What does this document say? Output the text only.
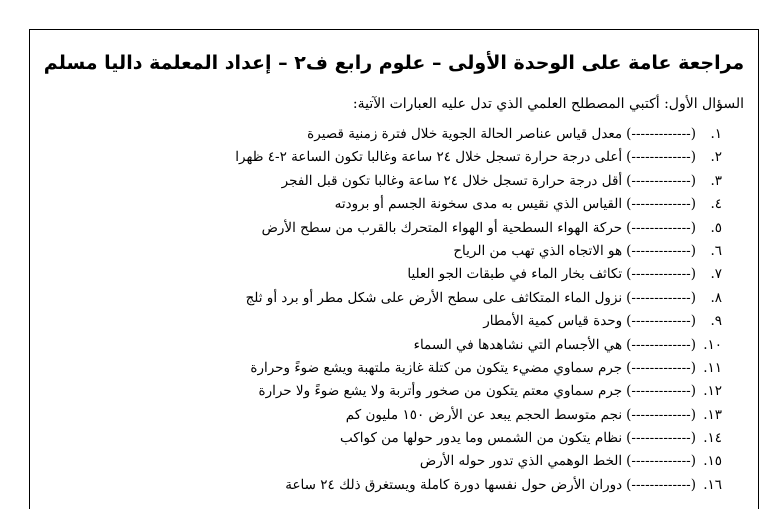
مراجعة عامة على الوحدة الأولى – علوم رابع ف٢ – إعداد المعلمة داليا مسلم
السؤال الأول: أكتبي المصطلح العلمي الذي تدل عليه العبارات الآتية:
١.
(-------------)
معدل قياس عناصر الحالة الجوية خلال فترة زمنية قصيرة
٢.
(-------------)
أعلى درجة حرارة تسجل خلال ٢٤ ساعة وغالبا تكون الساعة ٢-٤ ظهرا
٣.
(-------------)
أقل درجة حرارة تسجل خلال ٢٤ ساعة وغالبا تكون قبل الفجر
٤.
(-------------)
القياس الذي نقيس به مدى سخونة الجسم أو برودته
٥.
(-------------)
حركة الهواء السطحية أو الهواء المتحرك بالقرب من سطح الأرض
٦.
(-------------)
هو الاتجاه الذي تهب من الرياح
٧.
(-------------)
تكاثف بخار الماء في طبقات الجو العليا
٨.
(-------------)
نزول الماء المتكاثف على سطح الأرض على شكل مطر أو برد أو ثلج
٩.
(-------------)
وحدة قياس كمية الأمطار
١٠.
(-------------)
هي الأجسام التي نشاهدها في السماء
١١.
(-------------)
جرم سماوي مضيء يتكون من كتلة غازية ملتهبة ويشع ضوءً وحرارة
١٢.
(-------------)
جرم سماوي معتم يتكون من صخور وأتربة ولا يشع ضوءً ولا حرارة
١٣.
(-------------)
نجم متوسط الحجم يبعد عن الأرض ١٥٠ مليون كم
١٤.
(-------------)
نظام يتكون من الشمس وما يدور حولها من كواكب
١٥.
(-------------)
الخط الوهمي الذي تدور حوله الأرض
١٦.
(-------------)
دوران الأرض حول نفسها دورة كاملة ويستغرق ذلك ٢٤ ساعة
